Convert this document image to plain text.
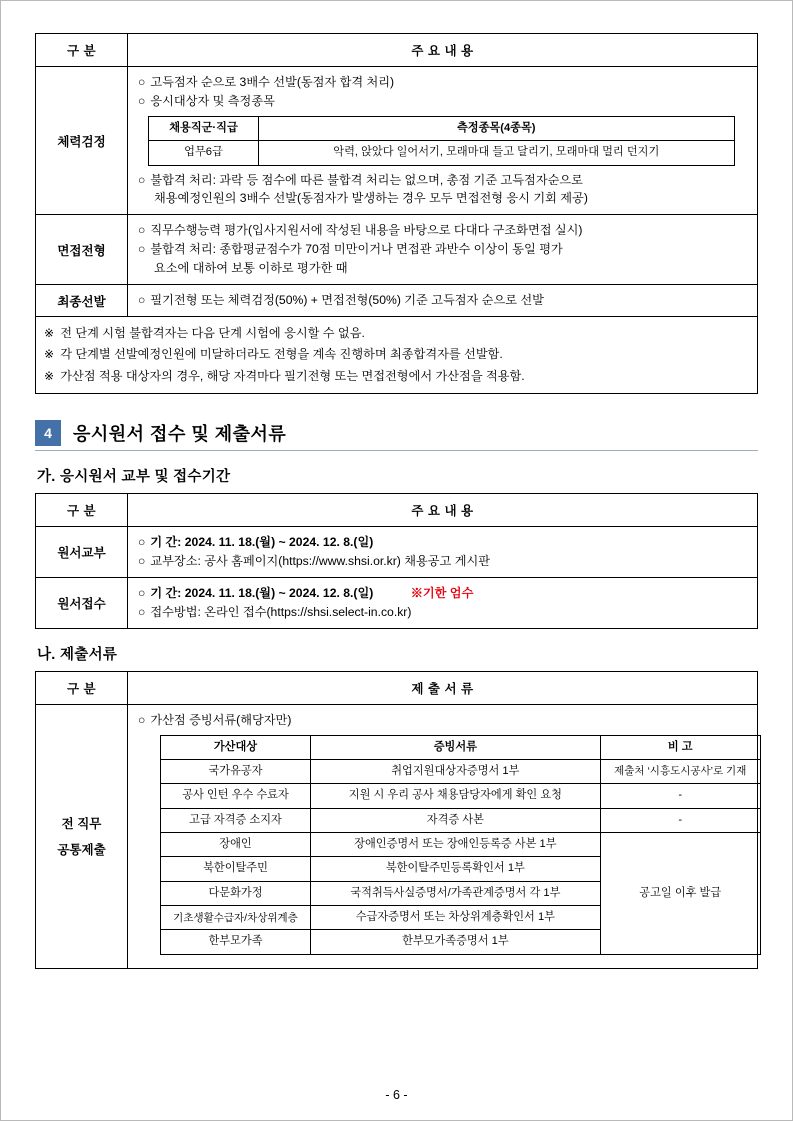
구 분	주 요 내 용
체력검정	
○ 고득점자 순으로 3배수 선발(동점자 합격 처리)
○ 응시대상자 및 측정종목
채용직군·직급	측정종목(4종목)
업무6급	악력, 앉았다 일어서기, 모래마대 들고 달리기, 모래마대 멀리 던지기
○ 불합격 처리: 과락 등 점수에 따른 불합격 처리는 없으며, 총점 기준 고득점자순으로
채용예정인원의 3배수 선발(동점자가 발생하는 경우 모두 면접전형 응시 기회 제공)

면접전형	
○ 직무수행능력 평가(입사지원서에 작성된 내용을 바탕으로 다대다 구조화면접 실시)
○ 불합격 처리: 종합평균점수가 70점 미만이거나 면접관 과반수 이상이 동일 평가
요소에 대하여 보통 이하로 평가한 때

최종선발	○ 필기전형 또는 체력검정(50%) + 면접전형(50%) 기준 고득점자 순으로 선발

※ 전 단계 시험 불합격자는 다음 단계 시험에 응시할 수 없음.
※ 각 단계별 선발예정인원에 미달하더라도 전형을 계속 진행하며 최종합격자를 선발함.
※ 가산점 적용 대상자의 경우, 해당 자격마다 필기전형 또는 면접전형에서 가산점을 적용함.
4	응시원서 접수 및 제출서류
가. 응시원서 교부 및 접수기간
구 분	주 요 내 용
원서교부	○ 기 간: 2024. 11. 18.(월) ~ 2024. 12. 8.(일)
○ 교부장소: 공사 홈페이지(https://www.shsi.or.kr) 채용공고 게시판

원서접수	○ 기 간: 2024. 11. 18.(월) ~ 2024. 12. 8.(일) ※기한 엄수
○ 접수방법: 온라인 접수(https://shsi.select-in.co.kr)
나. 제출서류
구 분	제 출 서 류

전 직무
공통제출

○ 가산점 증빙서류(해당자만)
가산대상	증빙서류	비 고
국가유공자	취업지원대상자증명서 1부	제출처 ‘시흥도시공사’로 기재
공사 인턴 우수 수료자	지원 시 우리 공사 채용담당자에게 확인 요청	-
고급 자격증 소지자	자격증 사본	-
장애인	장애인증명서 또는 장애인등록증 사본 1부	공고일 이후 발급
북한이탈주민	북한이탈주민등록확인서 1부
다문화가정	국적취득사실증명서/가족관계증명서 각 1부
기초생활수급자/차상위계층	수급자증명서 또는 차상위계층확인서 1부
한부모가족	한부모가족증명서 1부
- 6 -
